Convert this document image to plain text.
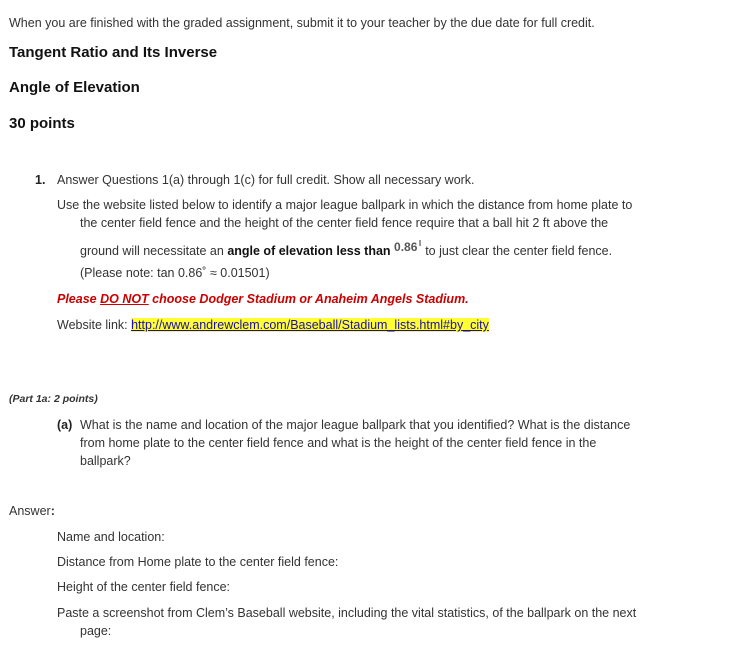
When you are finished with the graded assignment, submit it to your teacher by the due date for full credit.
Tangent Ratio and Its Inverse
Angle of Elevation
30 points
1. Answer Questions 1(a) through 1(c) for full credit. Show all necessary work.
Use the website listed below to identify a major league ballpark in which the distance from home plate to
the center field fence and the height of the center field fence require that a ball hit 2 ft above the
ground will necessitate an angle of elevation less than 0.86‖ to just clear the center field fence.
(Please note: tan 0.86˚ ≈ 0.01501)
Please DO NOT choose Dodger Stadium or Anaheim Angels Stadium.
Website link: http://www.andrewclem.com/Baseball/Stadium_lists.html#by_city
(Part 1a: 2 points)
(a) What is the name and location of the major league ballpark that you identified? What is the distance
from home plate to the center field fence and what is the height of the center field fence in the
ballpark?
Answer:
Name and location:
Distance from Home plate to the center field fence:
Height of the center field fence:
Paste a screenshot from Clem’s Baseball website, including the vital statistics, of the ballpark on the next
page:
